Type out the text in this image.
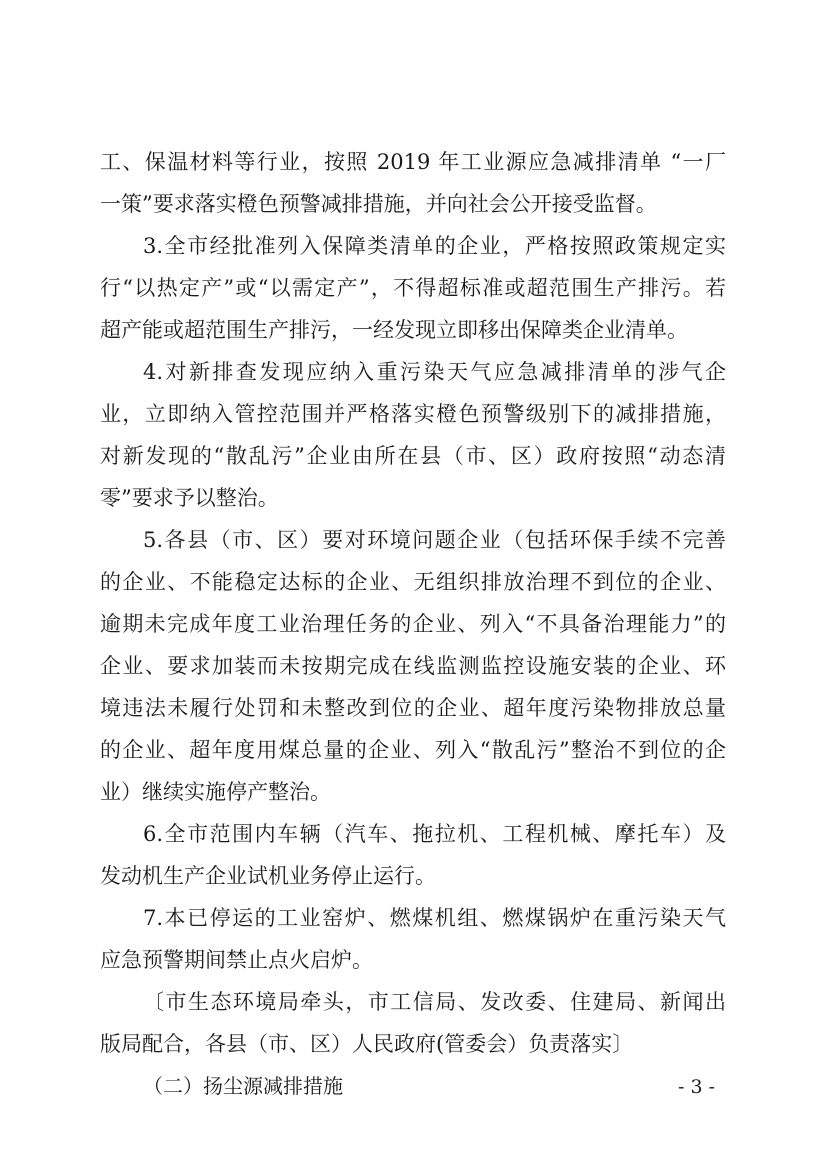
工、保温材料等行业，按照 2019 年工业源应急减排清单 “一厂
一策”要求落实橙色预警减排措施，并向社会公开接受监督。
3.全市经批准列入保障类清单的企业，严格按照政策规定实
行“以热定产”或“以需定产”，不得超标准或超范围生产排污。若
超产能或超范围生产排污，一经发现立即移出保障类企业清单。
4.对新排查发现应纳入重污染天气应急减排清单的涉气企
业，立即纳入管控范围并严格落实橙色预警级别下的减排措施，
对新发现的“散乱污”企业由所在县（市、区）政府按照“动态清
零”要求予以整治。
5.各县（市、区）要对环境问题企业（包括环保手续不完善
的企业、不能稳定达标的企业、无组织排放治理不到位的企业、
逾期未完成年度工业治理任务的企业、列入“不具备治理能力”的
企业、要求加装而未按期完成在线监测监控设施安装的企业、环
境违法未履行处罚和未整改到位的企业、超年度污染物排放总量
的企业、超年度用煤总量的企业、列入“散乱污”整治不到位的企
业）继续实施停产整治。
6.全市范围内车辆（汽车、拖拉机、工程机械、摩托车）及
发动机生产企业试机业务停止运行。
7.本已停运的工业窑炉、燃煤机组、燃煤锅炉在重污染天气
应急预警期间禁止点火启炉。
〔市生态环境局牵头，市工信局、发改委、住建局、新闻出
版局配合，各县（市、区）人民政府(管委会）负责落实〕
（二）扬尘源减排措施	- 3 -
